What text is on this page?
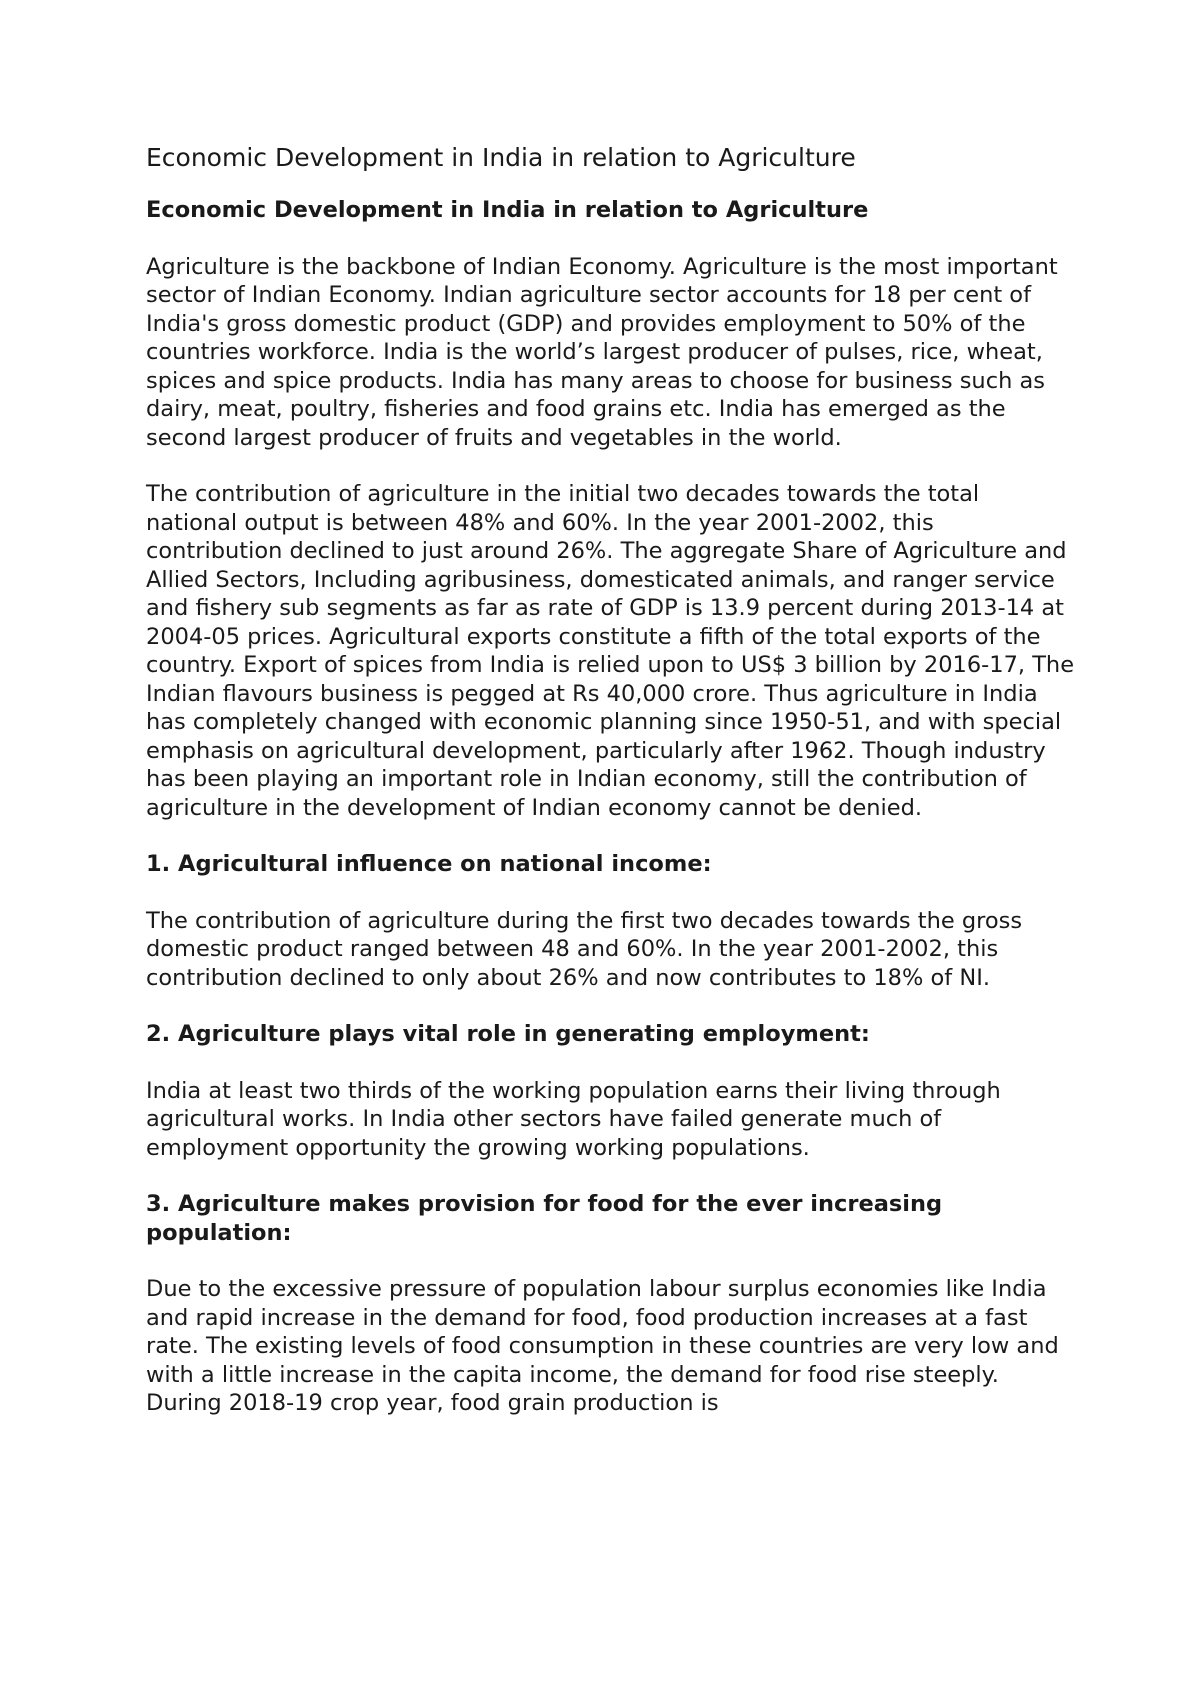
Economic Development in India in relation to Agriculture
Economic Development in India in relation to Agriculture

Agriculture is the backbone of Indian Economy. Agriculture is the most important sector of Indian Economy. Indian agriculture sector accounts for 18 per cent of India's gross domestic product (GDP) and provides employment to 50% of the countries workforce. India is the world’s largest producer of pulses, rice, wheat, spices and spice products. India has many areas to choose for business such as dairy, meat, poultry, fisheries and food grains etc. India has emerged as the second largest producer of fruits and vegetables in the world.

The contribution of agriculture in the initial two decades towards the total national output is between 48% and 60%. In the year 2001-2002, this contribution declined to just around 26%. The aggregate Share of Agriculture and Allied Sectors, Including agribusiness, domesticated animals, and ranger service and fishery sub segments as far as rate of GDP is 13.9 percent during 2013-14 at 2004-05 prices. Agricultural exports constitute a fifth of the total exports of the country. Export of spices from India is relied upon to US$ 3 billion by 2016-17, The Indian flavours business is pegged at Rs 40,000 crore. Thus agriculture in India has completely changed with economic planning since 1950-51, and with special emphasis on agricultural development, particularly after 1962. Though industry has been playing an important role in Indian economy, still the contribution of agriculture in the development of Indian economy cannot be denied.

1. Agricultural influence on national income:

The contribution of agriculture during the first two decades towards the gross domestic product ranged between 48 and 60%. In the year 2001-2002, this contribution declined to only about 26% and now contributes to 18% of NI.

2. Agriculture plays vital role in generating employment:

India at least two thirds of the working population earns their living through agricultural works. In India other sectors have failed generate much of employment opportunity the growing working populations.

3. Agriculture makes provision for food for the ever increasing population:

Due to the excessive pressure of population labour surplus economies like India and rapid increase in the demand for food, food production increases at a fast rate. The existing levels of food consumption in these countries are very low and with a little increase in the capita income, the demand for food rise steeply. During 2018-19 crop year, food grain production is
